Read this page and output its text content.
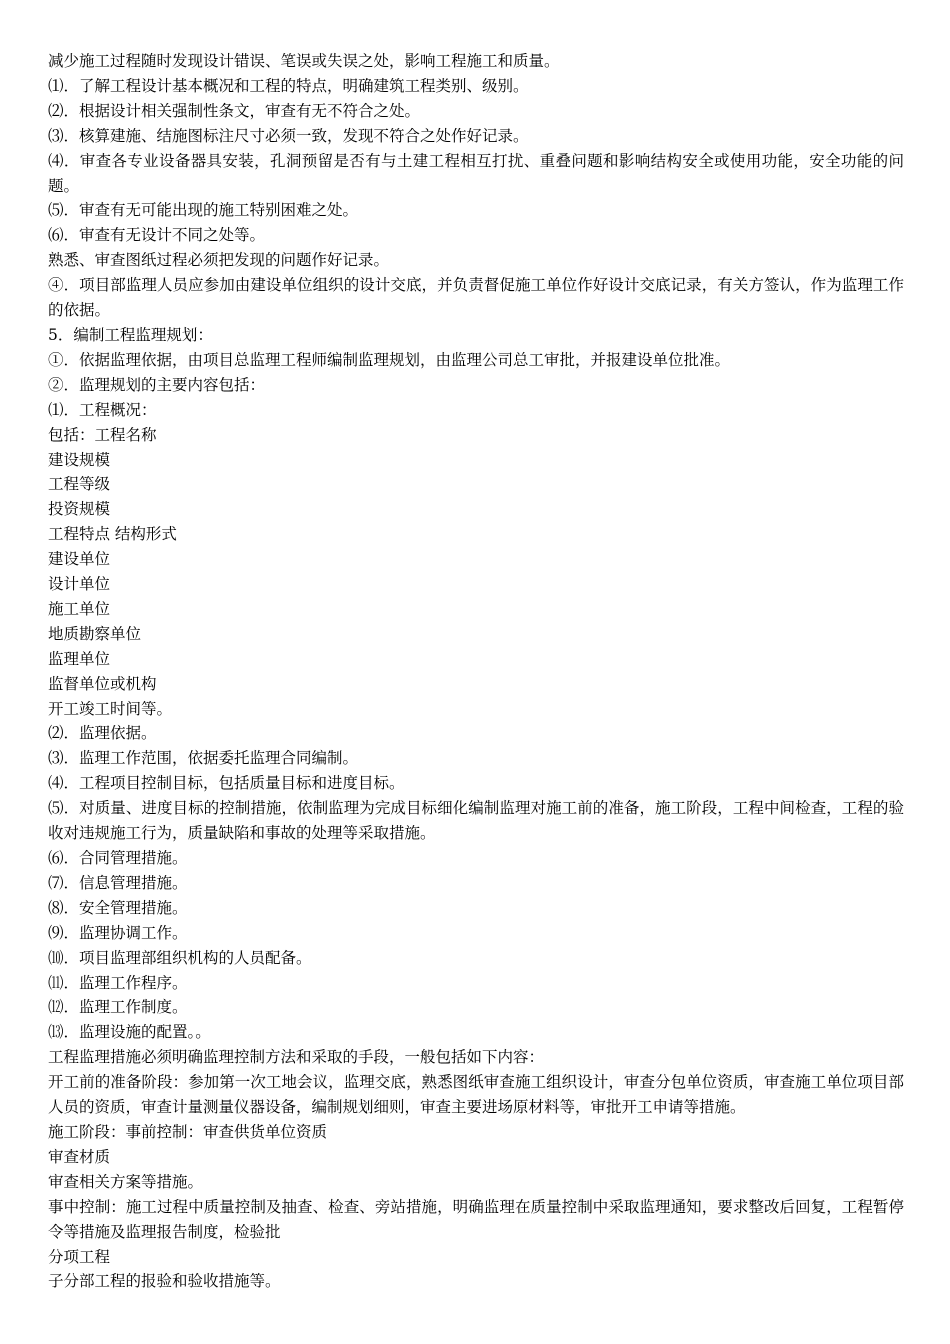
减少施工过程随时发现设计错误、笔误或失误之处，影响工程施工和质量。

⑴．了解工程设计基本概况和工程的特点，明确建筑工程类别、级别。

⑵．根据设计相关强制性条文，审查有无不符合之处。

⑶．核算建施、结施图标注尺寸必须一致，发现不符合之处作好记录。

⑷．审查各专业设备器具安装，孔洞预留是否有与土建工程相互打扰、重叠问题和影响结构安全或使用功能，安全功能的问题。

⑸．审查有无可能出现的施工特别困难之处。

⑹．审查有无设计不同之处等。

熟悉、审查图纸过程必须把发现的问题作好记录。

④．项目部监理人员应参加由建设单位组织的设计交底，并负责督促施工单位作好设计交底记录，有关方签认，作为监理工作的依据。

5．编制工程监理规划：

①．依据监理依据，由项目总监理工程师编制监理规划，由监理公司总工审批，并报建设单位批准。

②．监理规划的主要内容包括：

⑴．工程概况：

包括：工程名称

建设规模

工程等级

投资规模

工程特点 结构形式

建设单位

设计单位

施工单位

地质勘察单位

监理单位

监督单位或机构

开工竣工时间等。

⑵．监理依据。

⑶．监理工作范围，依据委托监理合同编制。

⑷．工程项目控制目标，包括质量目标和进度目标。

⑸．对质量、进度目标的控制措施，依制监理为完成目标细化编制监理对施工前的准备，施工阶段，工程中间检查，工程的验收对违规施工行为，质量缺陷和事故的处理等采取措施。

⑹．合同管理措施。

⑺．信息管理措施。

⑻．安全管理措施。

⑼．监理协调工作。

⑽．项目监理部组织机构的人员配备。

⑾．监理工作程序。

⑿．监理工作制度。

⒀．监理设施的配置。。

工程监理措施必须明确监理控制方法和采取的手段，一般包括如下内容：

开工前的准备阶段：参加第一次工地会议，监理交底，熟悉图纸审查施工组织设计，审查分包单位资质，审查施工单位项目部人员的资质，审查计量测量仪器设备，编制规划细则，审查主要进场原材料等，审批开工申请等措施。

施工阶段：事前控制：审查供货单位资质

审查材质

审查相关方案等措施。

事中控制：施工过程中质量控制及抽查、检查、旁站措施，明确监理在质量控制中采取监理通知，要求整改后回复，工程暂停令等措施及监理报告制度，检验批

分项工程

子分部工程的报验和验收措施等。
